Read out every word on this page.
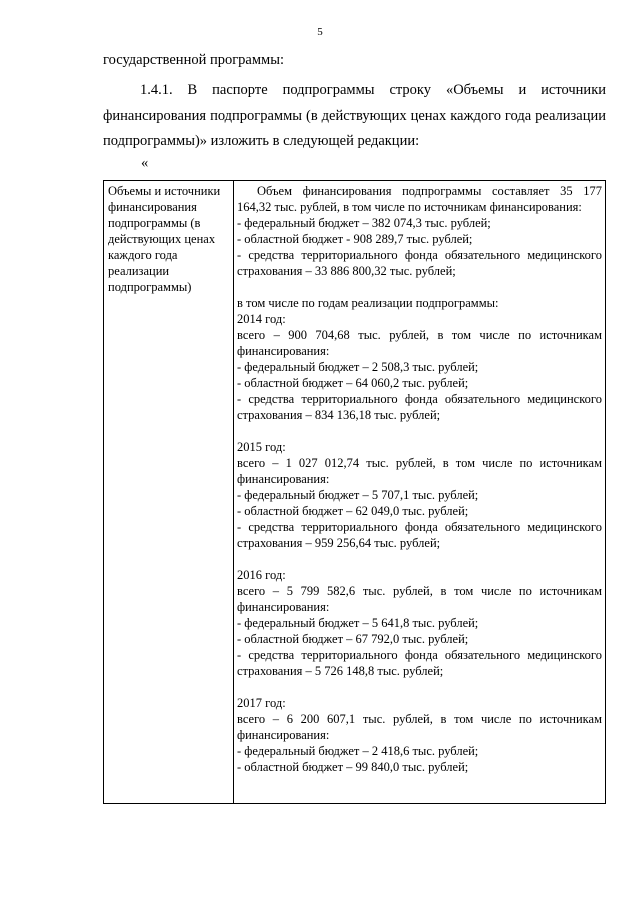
5
государственной программы:
1.4.1. В паспорте подпрограммы строку «Объемы и источники финансирования подпрограммы (в действующих ценах каждого года реализации подпрограммы)» изложить в следующей редакции:
«
Объемы и источники финансирования подпрограммы (в действующих ценах каждого года реализации подпрограммы)

Объем финансирования подпрограммы составляет 35 177 164,32 тыс. рублей, в том числе по источникам финансирования:

- федеральный бюджет – 382 074,3 тыс. рублей;

- областной бюджет - 908 289,7 тыс. рублей;

- средства территориального фонда обязательного медицинского страхования – 33 886 800,32 тыс. рублей;

в том числе по годам реализации подпрограммы:

2014 год:

всего – 900 704,68 тыс. рублей, в том числе по источникам финансирования:

- федеральный бюджет – 2 508,3 тыс. рублей;

- областной бюджет – 64 060,2 тыс. рублей;

- средства территориального фонда обязательного медицинского страхования – 834 136,18 тыс. рублей;

2015 год:

всего – 1 027 012,74 тыс. рублей, в том числе по источникам финансирования:

- федеральный бюджет – 5 707,1 тыс. рублей;

- областной бюджет – 62 049,0 тыс. рублей;

- средства территориального фонда обязательного медицинского страхования – 959 256,64 тыс. рублей;

2016 год:

всего – 5 799 582,6 тыс. рублей, в том числе по источникам финансирования:

- федеральный бюджет – 5 641,8 тыс. рублей;

- областной бюджет – 67 792,0 тыс. рублей;

- средства территориального фонда обязательного медицинского страхования – 5 726 148,8 тыс. рублей;

2017 год:

всего – 6 200 607,1 тыс. рублей, в том числе по источникам финансирования:

- федеральный бюджет – 2 418,6 тыс. рублей;

- областной бюджет – 99 840,0 тыс. рублей;
